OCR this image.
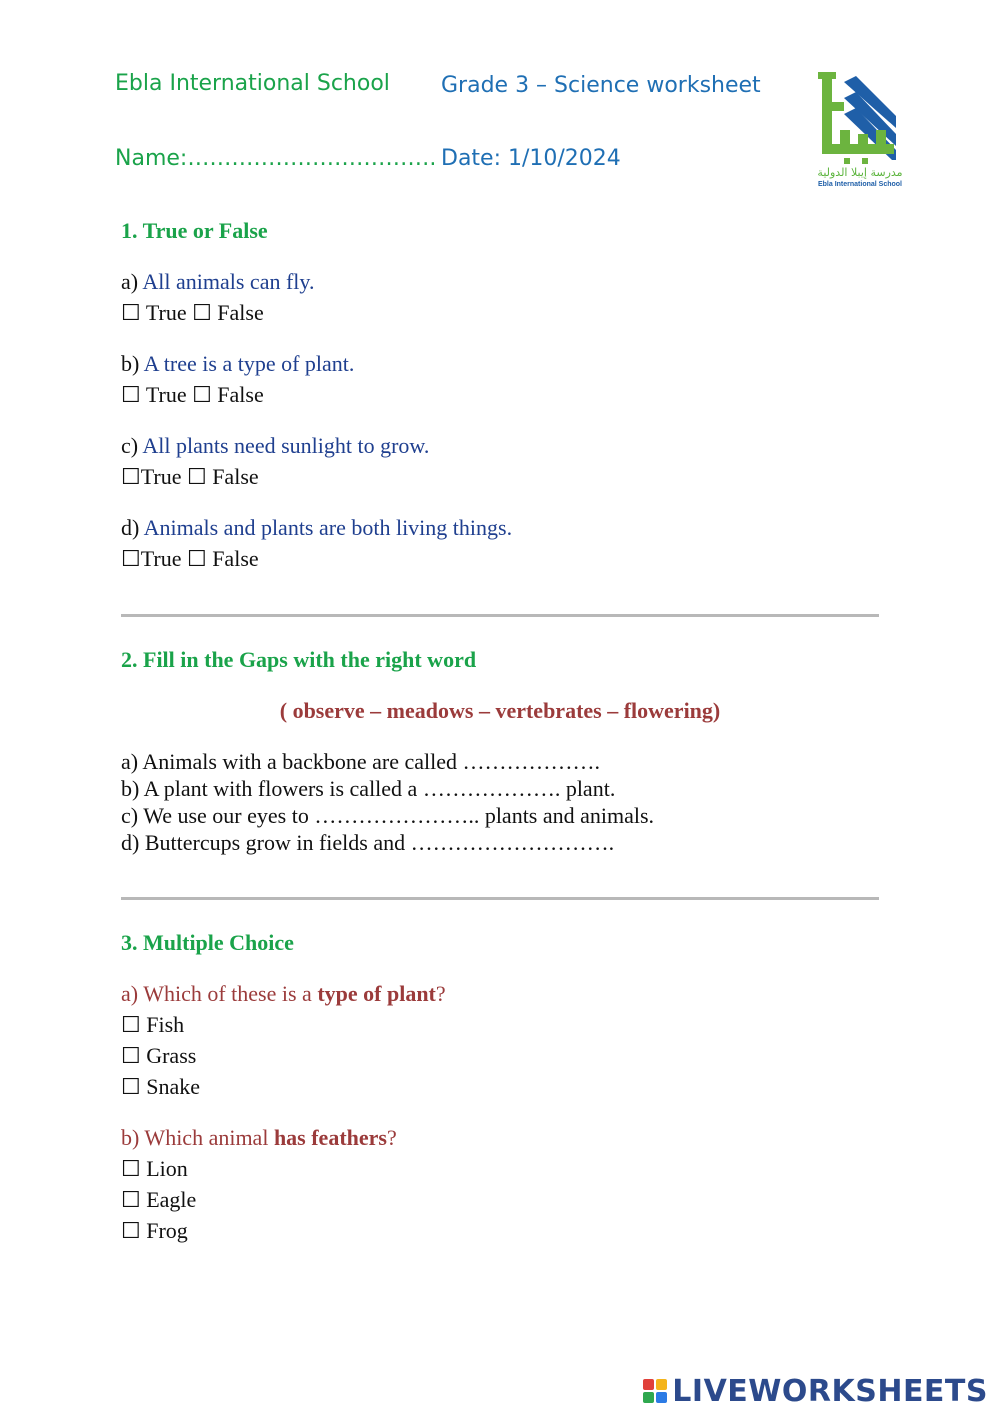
Ebla International School Grade 3 – Science worksheet
Name:……………………………. Date: 1/10/2024
مدرسة إيبلا الدولية
Ebla International School
1. True or False
a) All animals can fly.
☐ True ☐ False
b) A tree is a type of plant.
☐ True ☐ False
c) All plants need sunlight to grow.
☐True ☐ False
d) Animals and plants are both living things.
☐True ☐ False
2. Fill in the Gaps with the right word
( observe – meadows – vertebrates – flowering)
a) Animals with a backbone are called ……………….
b) A plant with flowers is called a ………………. plant.
c) We use our eyes to ………………….. plants and animals.
d) Buttercups grow in fields and ……………………….
3. Multiple Choice
a) Which of these is a type of plant?
☐ Fish
☐ Grass
☐ Snake
b) Which animal has feathers?
☐ Lion
☐ Eagle
☐ Frog
LIVEWORKSHEETS
